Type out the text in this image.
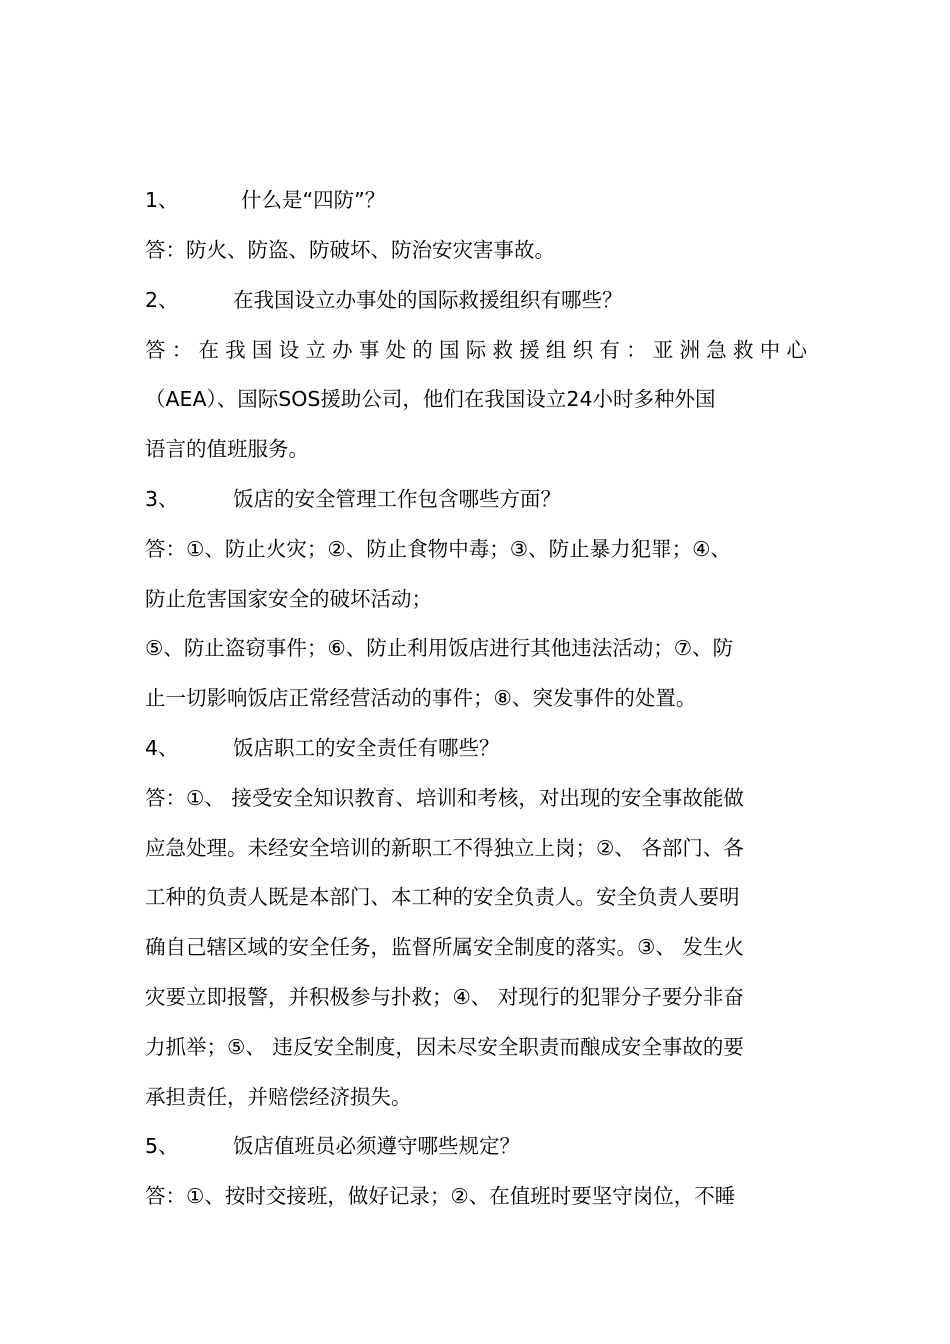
1、	什么是“四防”？
答：防火、防盗、防破坏、防治安灾害事故。
2、	在我国设立办事处的国际救援组织有哪些？
答：在我国设立办事处的国际救援组织有：亚洲急救中心
（AEA）、国际SOS援助公司，他们在我国设立24小时多种外国
语言的值班服务。
3、	饭店的安全管理工作包含哪些方面？
答：①、防止火灾；②、防止食物中毒；③、防止暴力犯罪；④、
防止危害国家安全的破坏活动；
⑤、防止盗窃事件；⑥、防止利用饭店进行其他违法活动；⑦、防
止一切影响饭店正常经营活动的事件；⑧、突发事件的处置。
4、	饭店职工的安全责任有哪些？
答：①、 接受安全知识教育、培训和考核，对出现的安全事故能做
应急处理。未经安全培训的新职工不得独立上岗；②、 各部门、各
工种的负责人既是本部门、本工种的安全负责人。安全负责人要明
确自己辖区域的安全任务，监督所属安全制度的落实。③、 发生火
灾要立即报警，并积极参与扑救；④、 对现行的犯罪分子要分非奋
力抓举；⑤、 违反安全制度，因未尽安全职责而酿成安全事故的要
承担责任，并赔偿经济损失。
5、	饭店值班员必须遵守哪些规定？
答：①、按时交接班，做好记录；②、在值班时要坚守岗位，不睡
